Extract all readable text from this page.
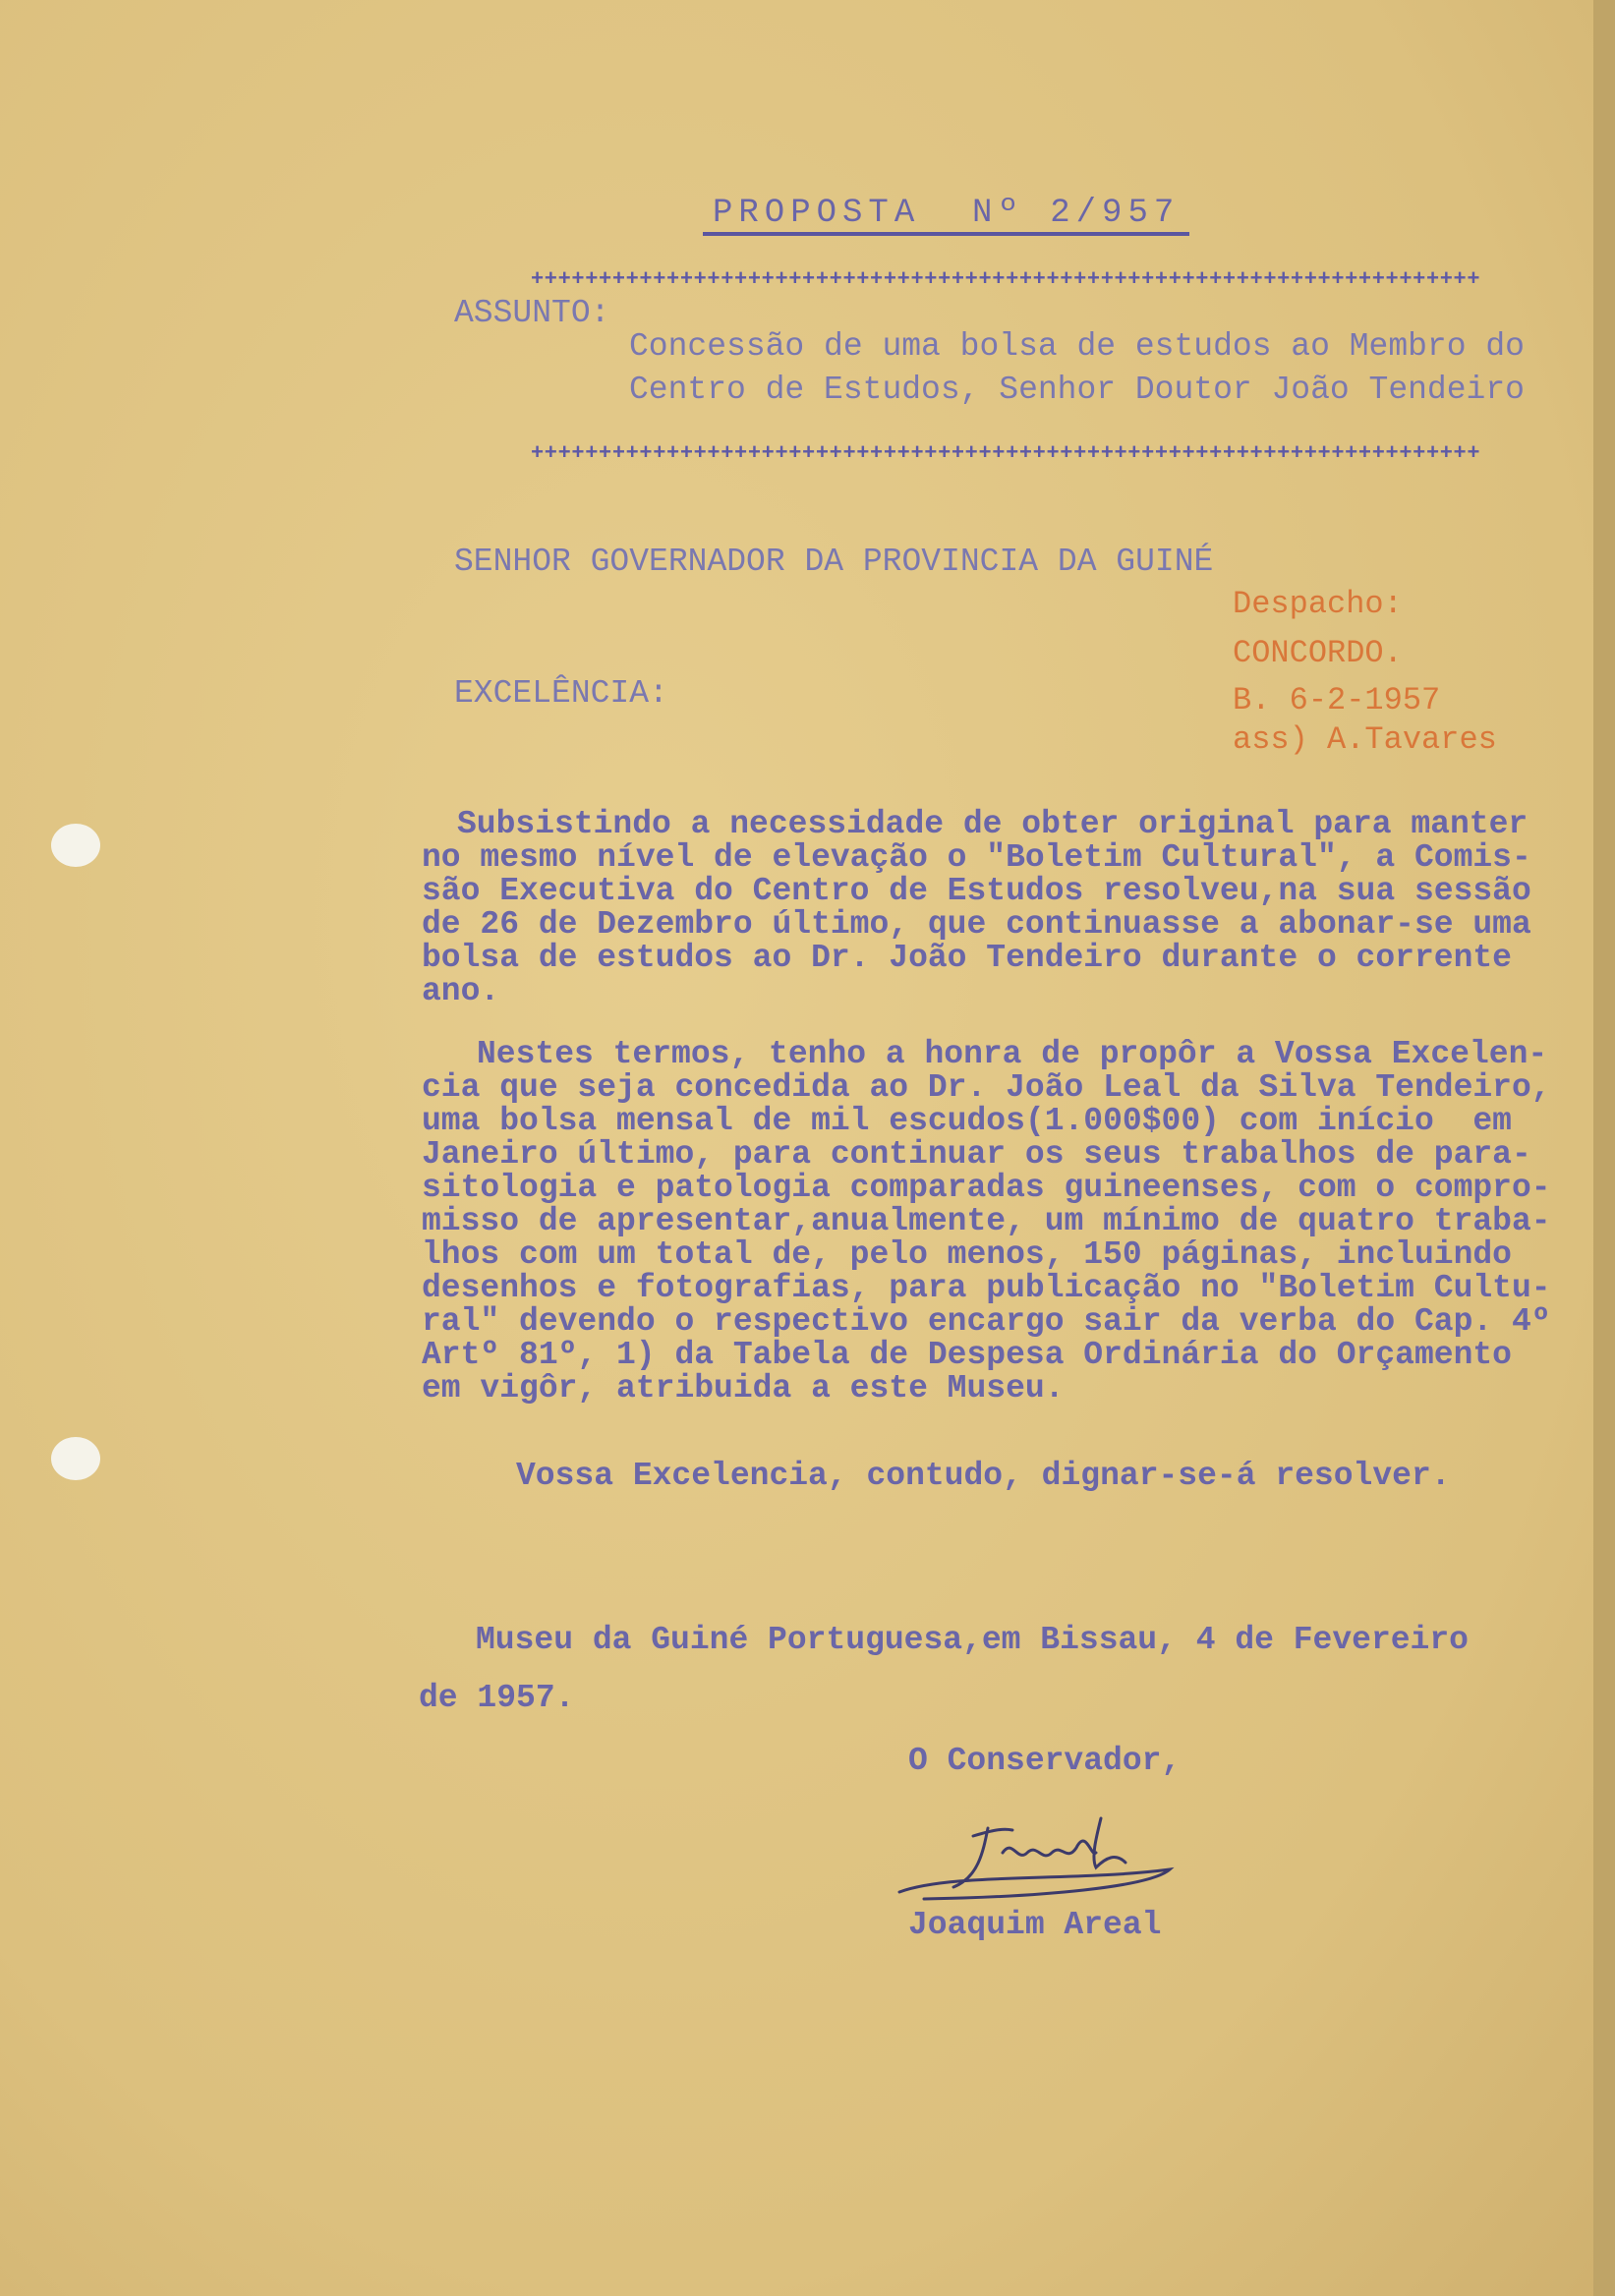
PROPOSTA  Nº 2/957
++++++++++++++++++++++++++++++++++++++++++++++++++++++++++++++++++++++
ASSUNTO:
Concessão de uma bolsa de estudos ao Membro do
Centro de Estudos, Senhor Doutor João Tendeiro
++++++++++++++++++++++++++++++++++++++++++++++++++++++++++++++++++++++
SENHOR GOVERNADOR DA PROVINCIA DA GUINÉ
EXCELÊNCIA:
Despacho:
CONCORDO.
B. 6-2-1957
ass) A.Tavares
Subsistindo a necessidade de obter original para manter
no mesmo nível de elevação o "Boletim Cultural", a Comis-
são Executiva do Centro de Estudos resolveu,na sua sessão
de 26 de Dezembro último, que continuasse a abonar-se uma
bolsa de estudos ao Dr. João Tendeiro durante o corrente
ano.
Nestes termos, tenho a honra de propôr a Vossa Excelen-
cia que seja concedida ao Dr. João Leal da Silva Tendeiro,
uma bolsa mensal de mil escudos(1.000$00) com início  em
Janeiro último, para continuar os seus trabalhos de para-
sitologia e patologia comparadas guineenses, com o compro-
misso de apresentar,anualmente, um mínimo de quatro traba-
lhos com um total de, pelo menos, 150 páginas, incluindo
desenhos e fotografias, para publicação no "Boletim Cultu-
ral" devendo o respectivo encargo sair da verba do Cap. 4º
Artº 81º, 1) da Tabela de Despesa Ordinária do Orçamento
em vigôr, atribuida a este Museu.
Vossa Excelencia, contudo, dignar-se-á resolver.
Museu da Guiné Portuguesa,em Bissau, 4 de Fevereiro
de 1957.
O Conservador,
Joaquim Areal
